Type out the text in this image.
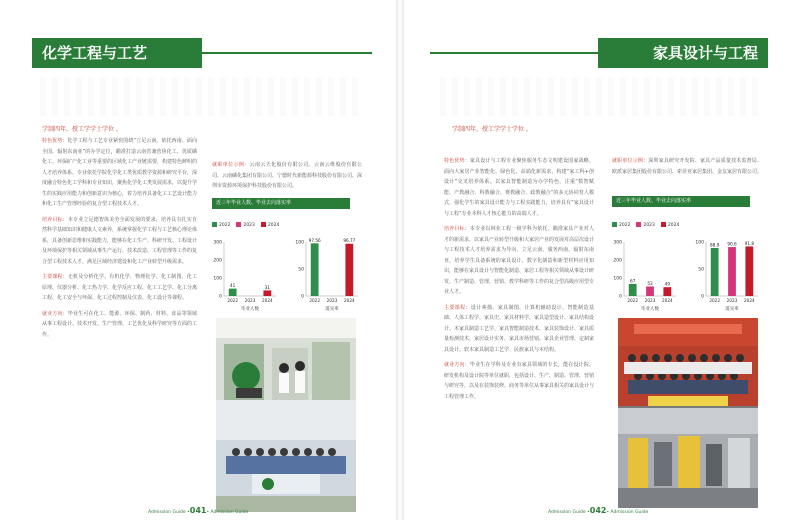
化学工程与工艺
学制四年，授工学学士学位 。

特色优势：化学工程与工艺专业紧密围绕“立足云南、依托西南、面向全国、辐射东南亚”的办学定位，瞄准打造云南省兼营焦化工、优质磷化工、环保矿产化工业等重要的区域化工产业链需要，构建特色鲜明的人才培养体系。专业依托学院化学化工类优质教学资源和研究平台，深度融合特色化工学科和专业知识，聚焦化学化工类发展需求，以提升学生的实践应用能力和创新意识为核心，着力培养具备化工工艺设计能力和化工生产管理经验的复合型工程技术人才。

培养目标：本专业立足德智体美劳全面发展的要求，培养具有扎实自然科学基础知识和健康人文素养，系统掌握化学工程与工艺核心理论体系，具备创新思维和实践能力，能够在化工生产、科研开发、工程设计及环境保护等相关领域从事生产运行、技术改造、工程管理等工作的复合型工程技术人才，满足区域经济建设和化工产业转型升级需求。

主要课程：无机及分析化学、有机化学、物理化学、化工制图、化工原理、仪器分析、化工热力学、化学反应工程、化工工艺学、化工分离工程、化工安全与环保、化工过程控制及仪表、化工设计等课程。

就业方向：毕业生可在化工、能源、环保、制药、材料、食品等领域从事工程设计、技术开发、生产管理、工艺优化及科学研究等方面的工作。

就职单位示例：云南云天化股份有限公司、云南云维股份有限公司、云南磷化集团有限公司、宁德时代新能源科技股份有限公司、深圳市资源环境保护科技股份有限公司。

近三年毕业人数、毕业去向落实率
2022	2023	2024
0
100
200
300
41
2022 2023
31
2024
毕业人数
0
50
100
97.56
2022 2023
96.77
2024
落实率
Admission Guide •041• Admission Guide
家具设计与工程
学制四年，授工学学士学位 。

特色优势：家具设计与工程专业聚焦服务生态文明建设国家战略，面向大家居产业智能化、绿色化、高端化新需求，构建“家工科+创设计”交叉培养体系。以家具智能制造为办学特色，注重“数智赋能、产教融合、科教融合、赛教融合、政教融合”的多元协同育人模式，强化学生的家具设计能力与工程实践能力，培养具有“家具设计与工程”专业本科人才核心能力的高端人才。

培养目标：本专业以林业工程一级学科为依托，瞄准家具产业对人才的新需求，以家具产业转型升级和大家居产业的发展对高层次设计与工程技术人才培养需求为导向，立足云南，服务西南，辐射东南亚，培养学生具备系统的家具设计、数字化制造和新型材料应用知识，能够在家具设计与智能化制造、家居工程等相关领域从事设计研发、生产制造、管理、营销、教学科研等工作的复合型高级应用型专业人才。

主要课程：设计素描、家具制图、计算机辅助设计、智能制造基础、人体工程学、家具史、家具材料学、家具造型设计、家具结构设计、木家具制造工艺学、家具智能制造技术、家具装饰设计、家具质量检测技术、家居设计实务、家具市场营销、家具企业管理、定制家具设计、软木家具制造工艺学、民族家具与木结构。

就业方向：毕业生在学科及专业有家具领域的专长，能在设计院、研发机构及设计院等单位就职，包括设计、生产、制造、管理、营销与研究等，以及在装饰装修、商务等单位从事家具相关的家具设计与工程管理工作。

就职单位示例：深圳家具研究开发院、家具产品质量技术监督局、欧派家居集团股份有限公司、索菲亚家居集团、金友家居有限公司。

近三年毕业人数、毕业去向落实率
2022	2023	2024
0
100
200
300
67
2022
53
2023
49
2024
毕业人数
0
50
100 88.9
2022
90.6
2023
91.8
2024
落实率
Admission Guide •042• Admission Guide
